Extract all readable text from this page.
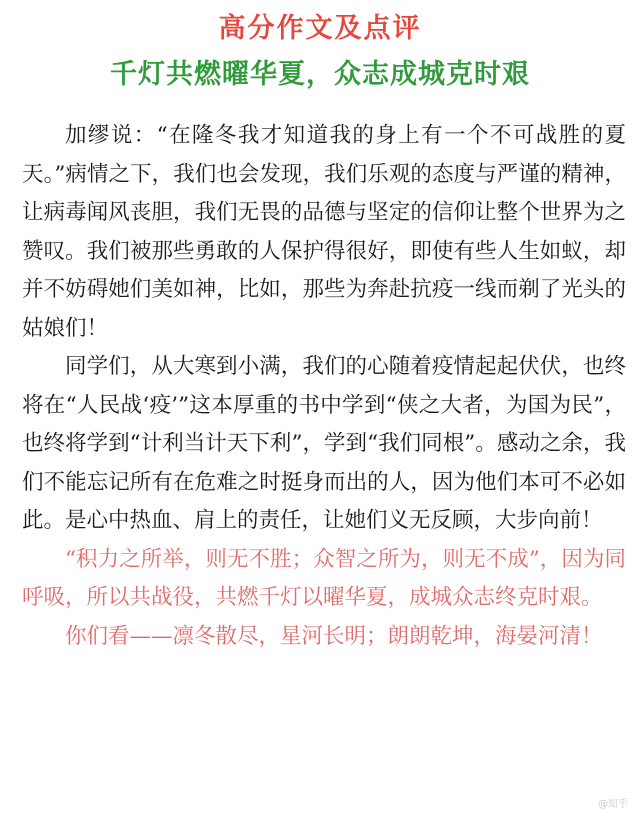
高分作文及点评
千灯共燃曜华夏，众志成城克时艰

加缪说：“在隆冬我才知道我的身上有一个不可战胜的夏天。”病情之下，我们也会发现，我们乐观的态度与严谨的精神，让病毒闻风丧胆，我们无畏的品德与坚定的信仰让整个世界为之赞叹。我们被那些勇敢的人保护得很好，即使有些人生如蚁，却并不妨碍她们美如神，比如，那些为奔赴抗疫一线而剃了光头的姑娘们！

同学们，从大寒到小满，我们的心随着疫情起起伏伏，也终将在“人民战‘疫’”这本厚重的书中学到“侠之大者，为国为民”，也终将学到“计利当计天下利”，学到“我们同根”。感动之余，我们不能忘记所有在危难之时挺身而出的人，因为他们本可不必如此。是心中热血、肩上的责任，让她们义无反顾，大步向前！

“积力之所举，则无不胜；众智之所为，则无不成”，因为同呼吸，所以共战役，共燃千灯以曜华夏，成城众志终克时艰。

你们看——凛冬散尽，星河长明；朗朗乾坤，海晏河清！

@知乎
